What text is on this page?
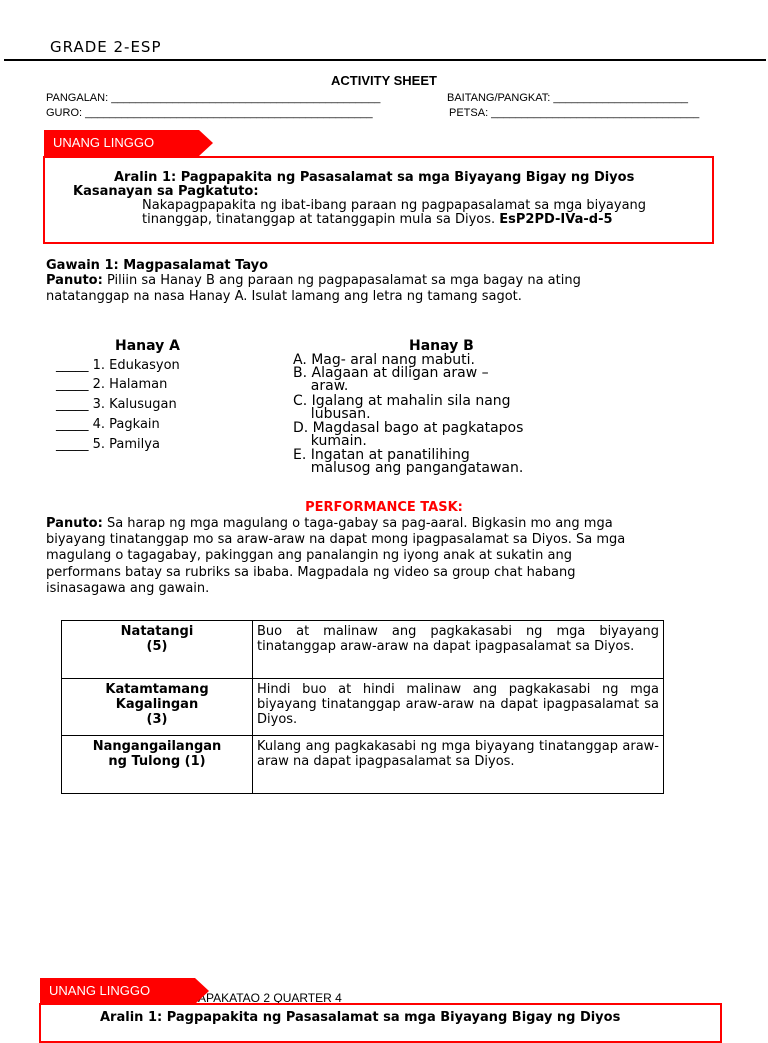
GRADE 2-ESP
ACTIVITY SHEET
PANGALAN: ____________________________________________	BAITANG/PANGKAT: ______________________
GURO: _______________________________________________	PETSA: __________________________________
UNANG LINGGO
Aralin 1: Pagpapakita ng Pasasalamat sa mga Biyayang Bigay ng Diyos
Kasanayan sa Pagkatuto:
Nakapagpapakita ng ibat-ibang paraan ng pagpapasalamat sa mga biyayang
tinanggap, tinatanggap at tatanggapin mula sa Diyos. EsP2PD-IVa-d-5
Gawain 1: Magpasalamat Tayo
Panuto: Piliin sa Hanay B ang paraan ng pagpapasalamat sa mga bagay na ating
natatanggap na nasa Hanay A. Isulat lamang ang letra ng tamang sagot.
Hanay A	Hanay B
_____ 1. Edukasyon
_____ 2. Halaman
_____ 3. Kalusugan
_____ 4. Pagkain
_____ 5. Pamilya
A. Mag- aral nang mabuti.
B. Alagaan at diligan araw –
araw.
C. Igalang at mahalin sila nang
lubusan.
D. Magdasal bago at pagkatapos
kumain.
E. Ingatan at panatilihing
malusog ang pangangatawan.
PERFORMANCE TASK:
Panuto: Sa harap ng mga magulang o taga-gabay sa pag-aaral. Bigkasin mo ang mga
biyayang tinatanggap mo sa araw-araw na dapat mong ipagpasalamat sa Diyos. Sa mga
magulang o tagagabay, pakinggan ang panalangin ng iyong anak at sukatin ang
performans batay sa rubriks sa ibaba. Magpadala ng video sa group chat habang
isinasagawa ang gawain.
Natatangi
(5)	Buo at malinaw ang pagkakasabi ng mga biyayang tinatanggap araw-araw na dapat ipagpasalamat sa Diyos.

Katamtamang
Kagalingan
(3)	Hindi buo at hindi malinaw ang pagkakasabi ng mga biyayang tinatanggap araw-araw na dapat ipagpasalamat sa Diyos.

Nangangailangan
ng Tulong (1)	Kulang ang pagkakasabi ng mga biyayang tinatanggap araw-araw na dapat ipagpasalamat sa Diyos.
APAKATAO 2 QUARTER 4
UNANG LINGGO
Aralin 1: Pagpapakita ng Pasasalamat sa mga Biyayang Bigay ng Diyos
